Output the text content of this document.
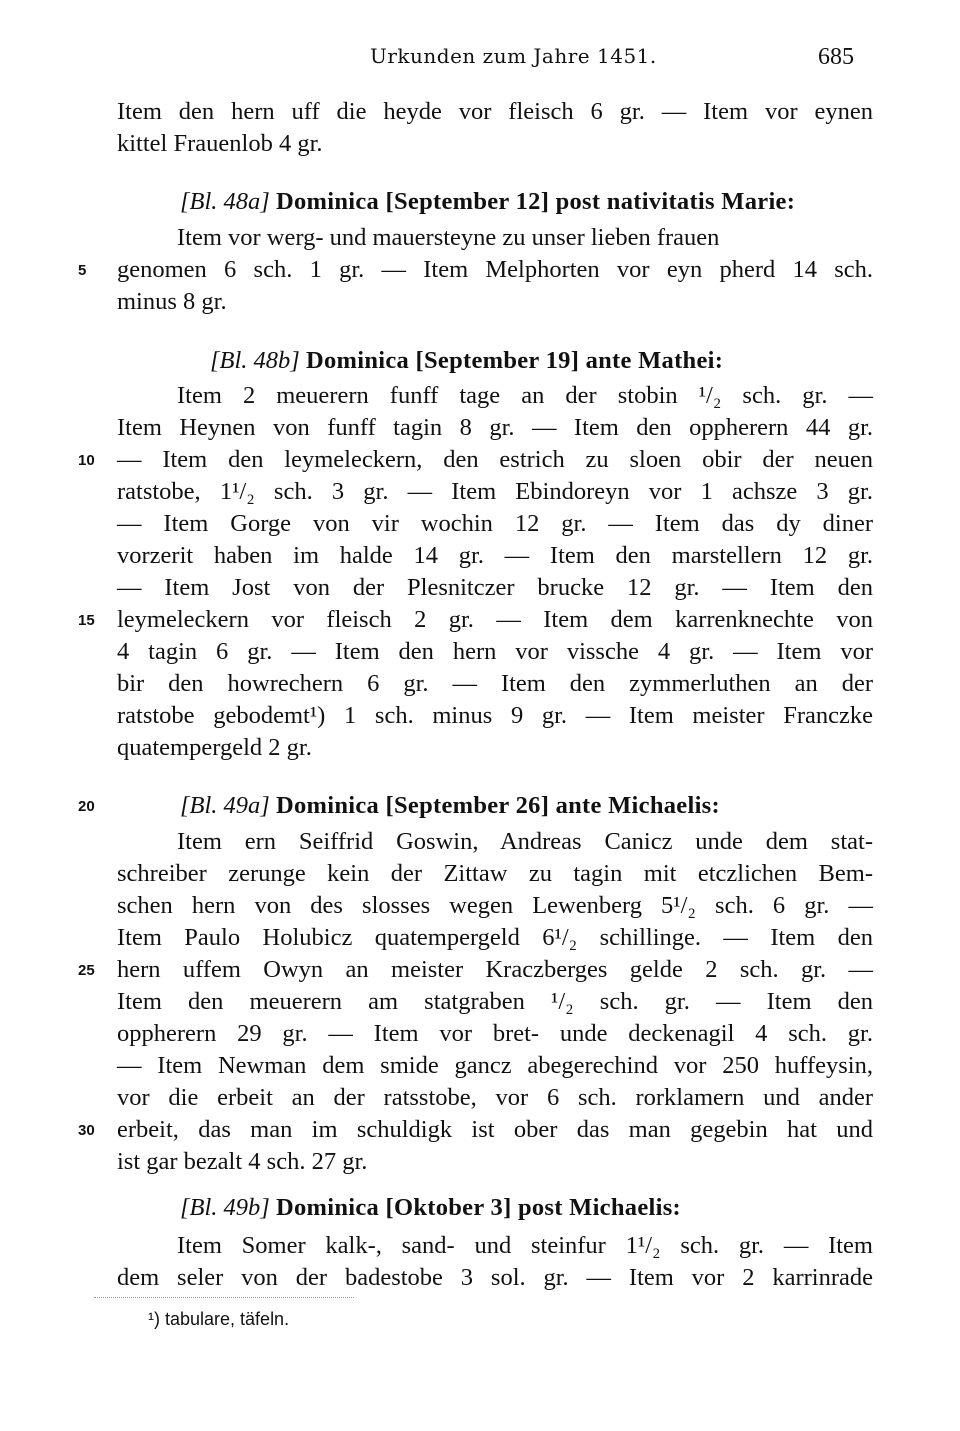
Urkunden zum Jahre 1451.	685
Item den hern uff die heyde vor fleisch 6 gr. — Item vor eynen
kittel Frauenlob 4 gr.
[Bl. 48a] Dominica [September 12] post nativitatis Marie:
Item vor werg- und mauersteyne zu unser lieben frauen
genomen 6 sch. 1 gr. — Item Melphorten vor eyn pherd 14 sch.
5
minus 8 gr.
[Bl. 48b] Dominica [September 19] ante Mathei:
Item 2 meuerern funff tage an der stobin ¹/₂ sch. gr. —
Item Heynen von funff tagin 8 gr. — Item den oppherern 44 gr.
— Item den leymeleckern, den estrich zu sloen obir der neuen
10
ratstobe, 1¹/₂ sch. 3 gr. — Item Ebindoreyn vor 1 achsze 3 gr.
— Item Gorge von vir wochin 12 gr. — Item das dy diner
vorzerit haben im halde 14 gr. — Item den marstellern 12 gr.
— Item Jost von der Plesnitczer brucke 12 gr. — Item den
leymeleckern vor fleisch 2 gr. — Item dem karrenknechte von
15
4 tagin 6 gr. — Item den hern vor vissche 4 gr. — Item vor
bir den howrechern 6 gr. — Item den zymmerluthen an der
ratstobe gebodemt¹) 1 sch. minus 9 gr. — Item meister Franczke
quatempergeld 2 gr.
[Bl. 49a] Dominica [September 26] ante Michaelis:
20
Item ern Seiffrid Goswin, Andreas Canicz unde dem stat-
schreiber zerunge kein der Zittaw zu tagin mit etczlichen Bem-
schen hern von des slosses wegen Lewenberg 5¹/₂ sch. 6 gr. —
Item Paulo Holubicz quatempergeld 6¹/₂ schillinge. — Item den
hern uffem Owyn an meister Kraczberges gelde 2 sch. gr. —
25
Item den meuerern am statgraben ¹/₂ sch. gr. — Item den
oppherern 29 gr. — Item vor bret- unde deckenagil 4 sch. gr.
— Item Newman dem smide gancz abegerechind vor 250 huffeysin,
vor die erbeit an der ratsstobe, vor 6 sch. rorklamern und ander
erbeit, das man im schuldigk ist ober das man gegebin hat und
30
ist gar bezalt 4 sch. 27 gr.
[Bl. 49b] Dominica [Oktober 3] post Michaelis:
Item Somer kalk-, sand- und steinfur 1¹/₂ sch. gr. — Item
dem seler von der badestobe 3 sol. gr. — Item vor 2 karrinrade
¹) tabulare, täfeln.
